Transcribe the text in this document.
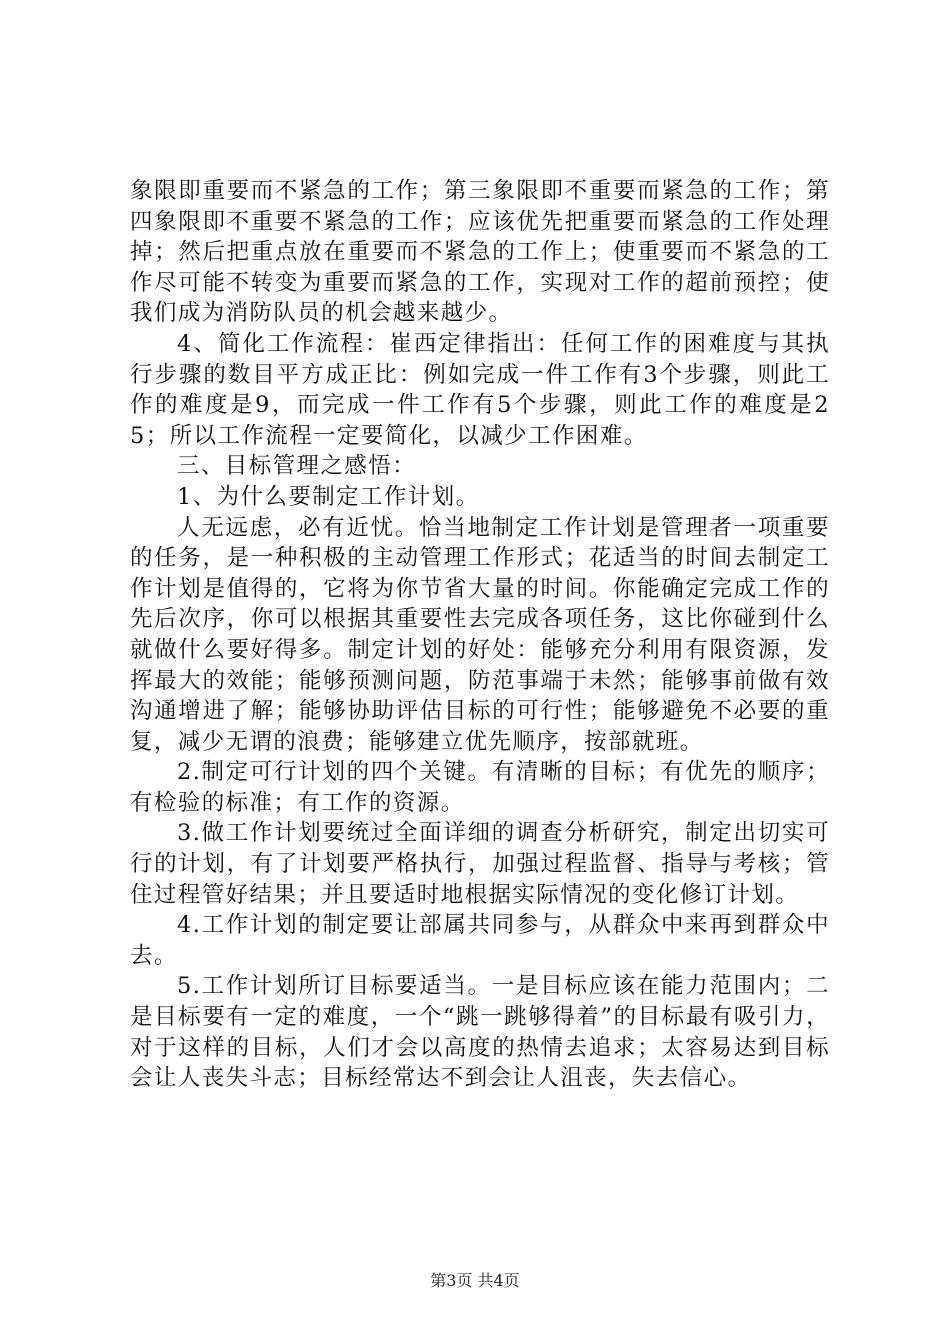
象限即重要而不紧急的工作；第三象限即不重要而紧急的工作；第四象限即不重要不紧急的工作；应该优先把重要而紧急的工作处理掉；然后把重点放在重要而不紧急的工作上；使重要而不紧急的工作尽可能不转变为重要而紧急的工作，实现对工作的超前预控；使我们成为消防队员的机会越来越少。

4、简化工作流程：崔西定律指出：任何工作的困难度与其执行步骤的数目平方成正比：例如完成一件工作有3个步骤，则此工作的难度是9，而完成一件工作有5个步骤，则此工作的难度是25；所以工作流程一定要简化，以减少工作困难。

三、目标管理之感悟：

1、为什么要制定工作计划。

人无远虑，必有近忧。恰当地制定工作计划是管理者一项重要的任务，是一种积极的主动管理工作形式；花适当的时间去制定工作计划是值得的，它将为你节省大量的时间。你能确定完成工作的先后次序，你可以根据其重要性去完成各项任务，这比你碰到什么就做什么要好得多。制定计划的好处：能够充分利用有限资源，发挥最大的效能；能够预测问题，防范事端于未然；能够事前做有效沟通增进了解；能够协助评估目标的可行性；能够避免不必要的重复，减少无谓的浪费；能够建立优先顺序，按部就班。

2.制定可行计划的四个关键。有清晰的目标；有优先的顺序；有检验的标准；有工作的资源。

3.做工作计划要统过全面详细的调查分析研究，制定出切实可行的计划，有了计划要严格执行，加强过程监督、指导与考核；管住过程管好结果；并且要适时地根据实际情况的变化修订计划。

4.工作计划的制定要让部属共同参与，从群众中来再到群众中去。

5.工作计划所订目标要适当。一是目标应该在能力范围内；二是目标要有一定的难度，一个“跳一跳够得着”的目标最有吸引力，对于这样的目标，人们才会以高度的热情去追求；太容易达到目标会让人丧失斗志；目标经常达不到会让人沮丧，失去信心。

第3页 共4页
